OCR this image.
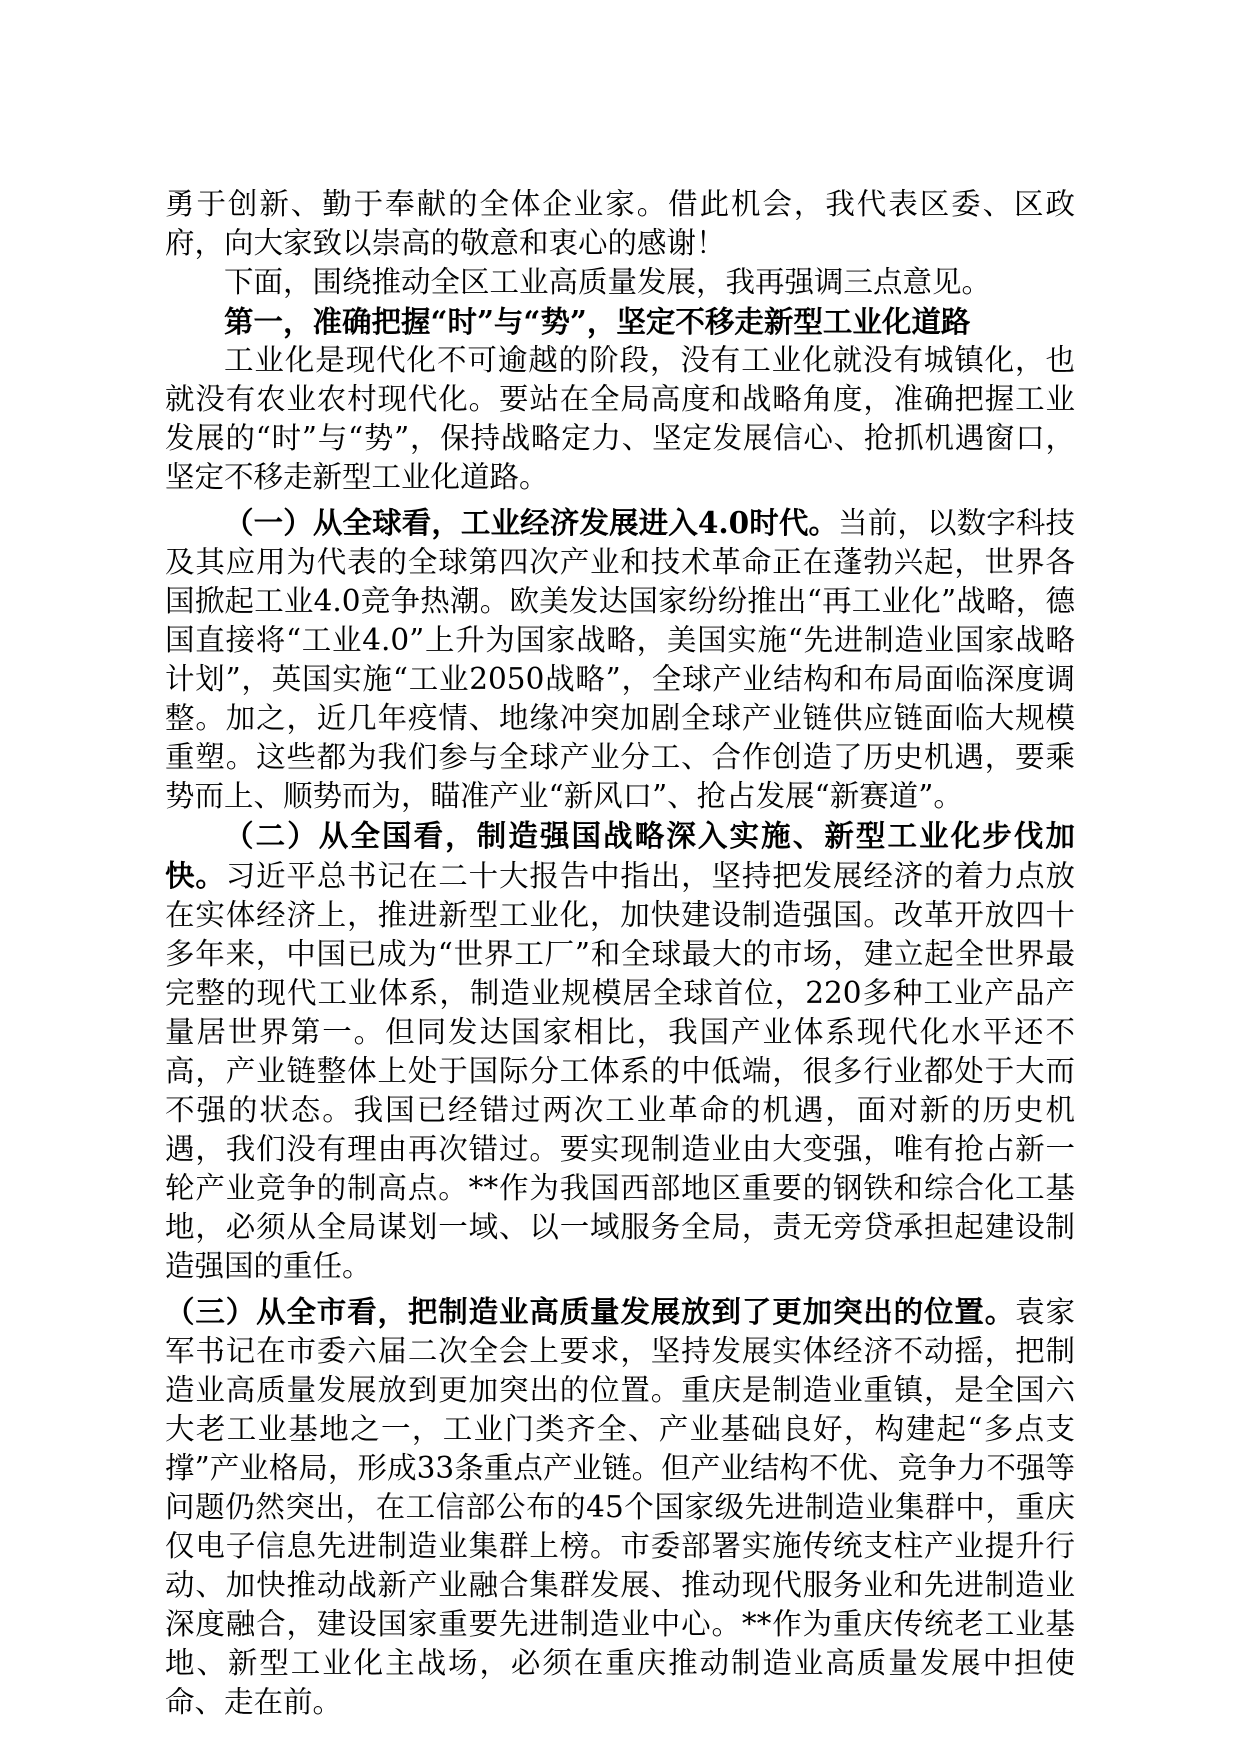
勇于创新、勤于奉献的全体企业家。借此机会，我代表区委、区政府，向大家致以崇高的敬意和衷心的感谢！

下面，围绕推动全区工业高质量发展，我再强调三点意见。

第一，准确把握“时”与“势”，坚定不移走新型工业化道路

工业化是现代化不可逾越的阶段，没有工业化就没有城镇化，也就没有农业农村现代化。要站在全局高度和战略角度，准确把握工业发展的“时”与“势”，保持战略定力、坚定发展信心、抢抓机遇窗口，坚定不移走新型工业化道路。

（一）从全球看，工业经济发展进入4.0时代。当前，以数字科技及其应用为代表的全球第四次产业和技术革命正在蓬勃兴起，世界各国掀起工业4.0竞争热潮。欧美发达国家纷纷推出“再工业化”战略，德国直接将“工业4.0”上升为国家战略，美国实施“先进制造业国家战略计划”，英国实施“工业2050战略”，全球产业结构和布局面临深度调整。加之，近几年疫情、地缘冲突加剧全球产业链供应链面临大规模重塑。这些都为我们参与全球产业分工、合作创造了历史机遇，要乘势而上、顺势而为，瞄准产业“新风口”、抢占发展“新赛道”。

（二）从全国看，制造强国战略深入实施、新型工业化步伐加快。习近平总书记在二十大报告中指出，坚持把发展经济的着力点放在实体经济上，推进新型工业化，加快建设制造强国。改革开放四十多年来，中国已成为“世界工厂”和全球最大的市场，建立起全世界最完整的现代工业体系，制造业规模居全球首位，220多种工业产品产量居世界第一。但同发达国家相比，我国产业体系现代化水平还不高，产业链整体上处于国际分工体系的中低端，很多行业都处于大而不强的状态。我国已经错过两次工业革命的机遇，面对新的历史机遇，我们没有理由再次错过。要实现制造业由大变强，唯有抢占新一轮产业竞争的制高点。**作为我国西部地区重要的钢铁和综合化工基地，必须从全局谋划一域、以一域服务全局，责无旁贷承担起建设制造强国的重任。

（三）从全市看，把制造业高质量发展放到了更加突出的位置。袁家军书记在市委六届二次全会上要求，坚持发展实体经济不动摇，把制造业高质量发展放到更加突出的位置。重庆是制造业重镇，是全国六大老工业基地之一，工业门类齐全、产业基础良好，构建起“多点支撑”产业格局，形成33条重点产业链。但产业结构不优、竞争力不强等问题仍然突出，在工信部公布的45个国家级先进制造业集群中，重庆仅电子信息先进制造业集群上榜。市委部署实施传统支柱产业提升行动、加快推动战新产业融合集群发展、推动现代服务业和先进制造业深度融合，建设国家重要先进制造业中心。**作为重庆传统老工业基地、新型工业化主战场，必须在重庆推动制造业高质量发展中担使命、走在前。
